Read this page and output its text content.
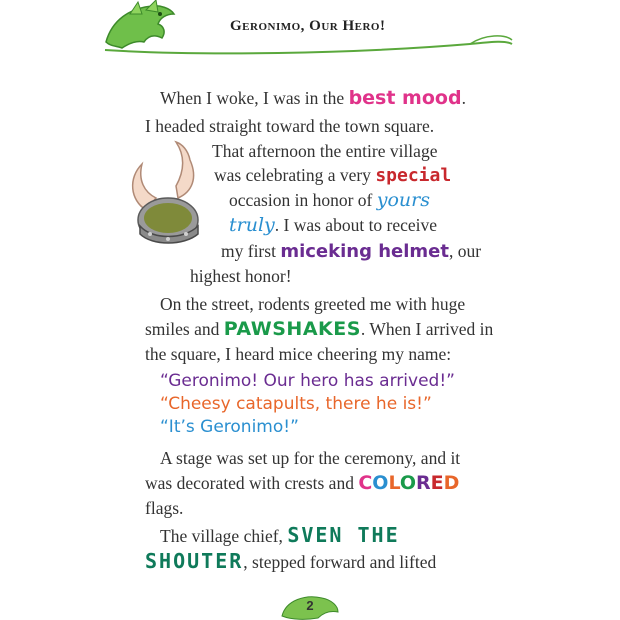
Geronimo, Our Hero!
When I woke, I was in the best mood.
I headed straight toward the town square.
That afternoon the entire village
was celebrating a very special
occasion in honor of yours
truly. I was about to receive
my first miceking helmet, our
highest honor!
On the street, rodents greeted me with huge
smiles and PAWSHAKES. When I arrived in
the square, I heard mice cheering my name:
“Geronimo! Our hero has arrived!”
“Cheesy catapults, there he is!”
“It’s Geronimo!”
A stage was set up for the ceremony, and it
was decorated with crests and COLORED
flags.
The village chief, SVEN THE
SHOUTER, stepped forward and lifted
2
